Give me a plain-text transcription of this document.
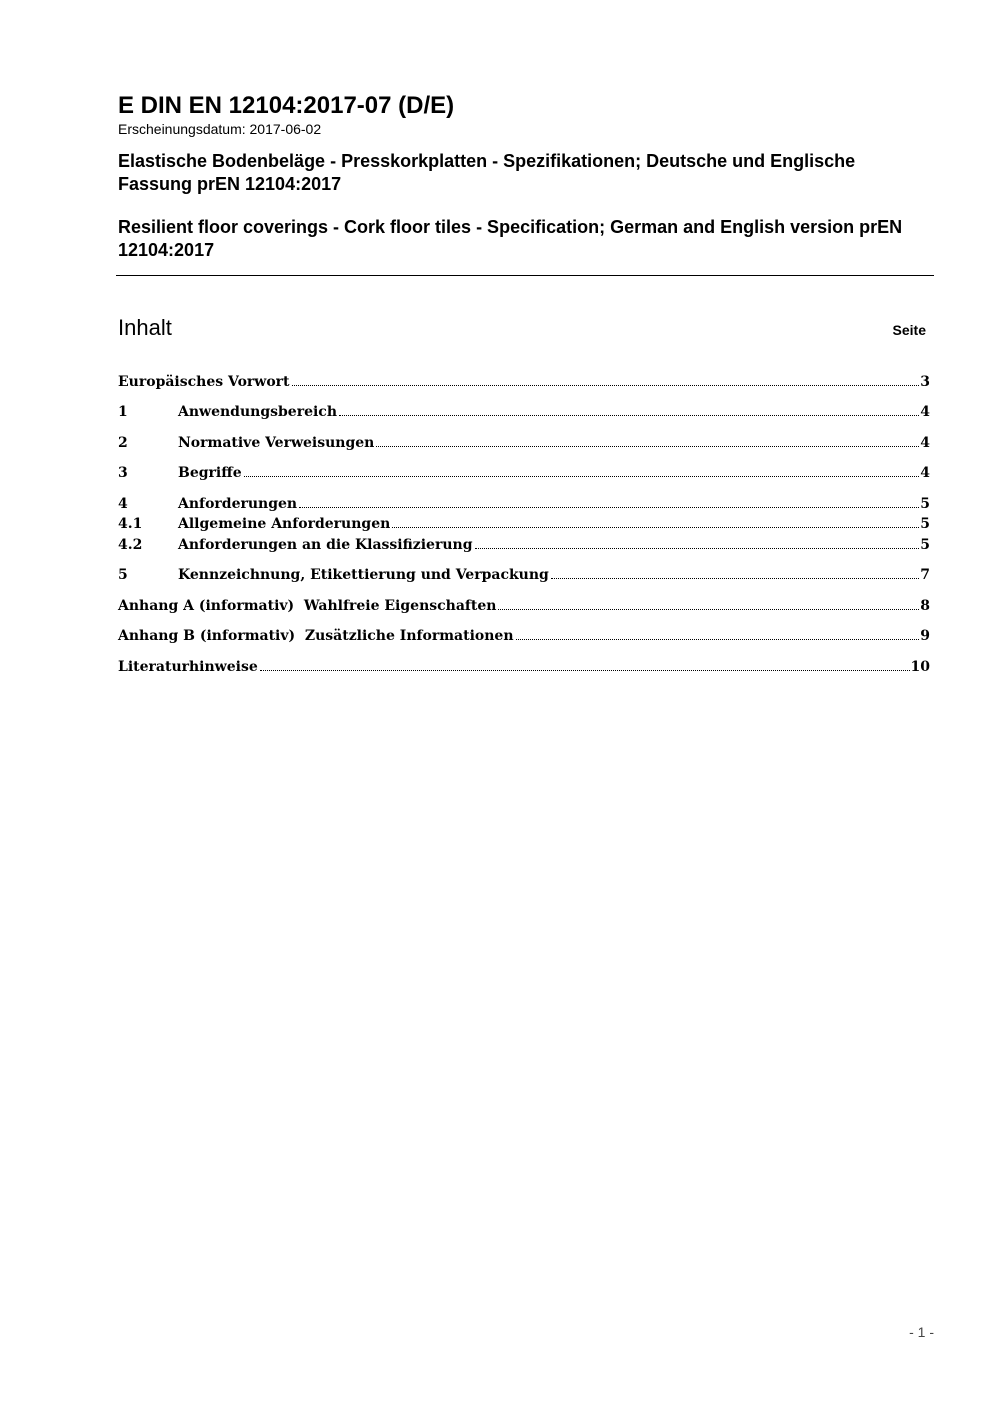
E DIN EN 12104:2017-07 (D/E)

Erscheinungsdatum: 2017-06-02

Elastische Bodenbeläge - Presskorkplatten - Spezifikationen; Deutsche und Englische Fassung prEN 12104:2017

Resilient floor coverings - Cork floor tiles - Specification; German and English version prEN 12104:2017

Inhalt	Seite
Europäisches Vorwort	3
1	Anwendungsbereich	4
2	Normative Verweisungen	4
3	Begriffe	4
4	Anforderungen	5
4.1	Allgemeine Anforderungen	5
4.2	Anforderungen an die Klassifizierung	5
5	Kennzeichnung, Etikettierung und Verpackung	7
Anhang A (informativ)  Wahlfreie Eigenschaften	8
Anhang B (informativ)  Zusätzliche Informationen	9
Literaturhinweise	10
- 1 -
